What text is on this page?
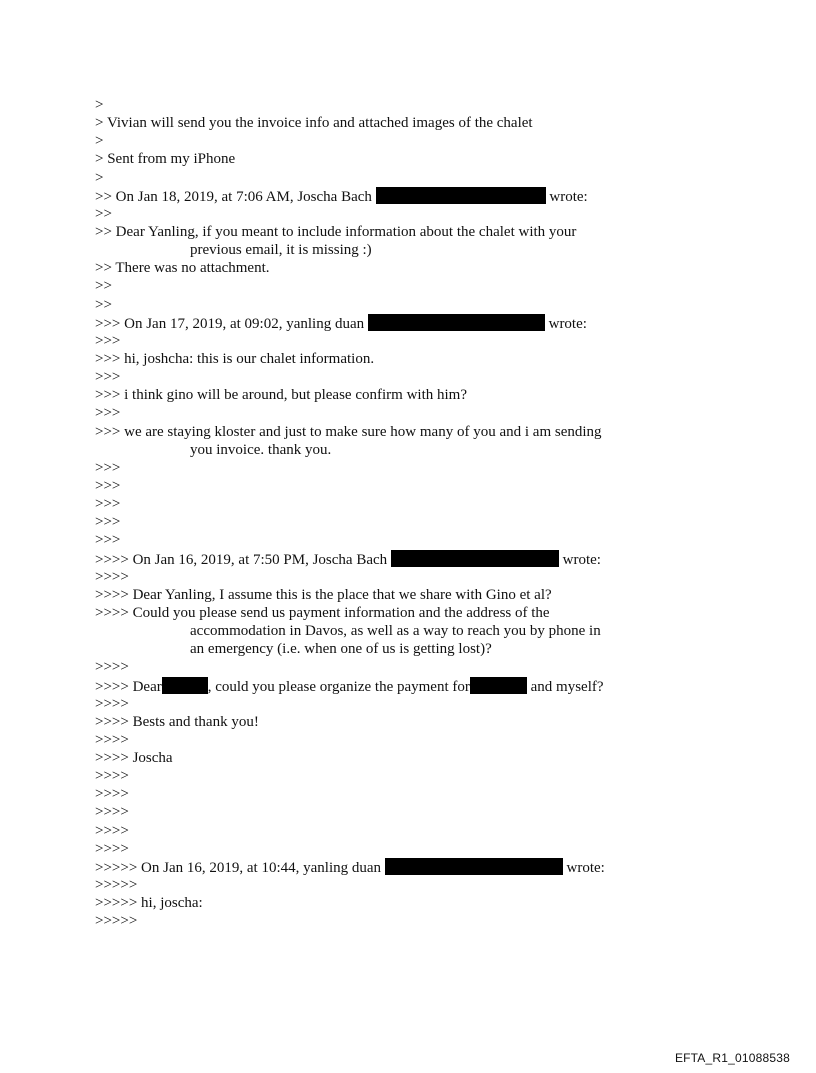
>
> Vivian will send you the invoice info and attached images of the chalet
>
> Sent from my iPhone
>
>> On Jan 18, 2019, at 7:06 AM, Joscha Bach	wrote:
>>
>> Dear Yanling, if you meant to include information about the chalet with your
previous email, it is missing :)
>> There was no attachment.
>>
>>
>>> On Jan 17, 2019, at 09:02, yanling duan	wrote:
>>>
>>> hi, joshcha: this is our chalet information.
>>>
>>> i think gino will be around, but please confirm with him?
>>>
>>> we are staying kloster and just to make sure how many of you and i am sending
you invoice. thank you.
>>>
>>>
>>>
>>>
>>>
>>>> On Jan 16, 2019, at 7:50 PM, Joscha Bach	wrote:
>>>>
>>>> Dear Yanling, I assume this is the place that we share with Gino et al?
>>>> Could you please send us payment information and the address of the
accommodation in Davos, as well as a way to reach you by phone in
an emergency (i.e. when one of us is getting lost)?
>>>>
>>>> Dear	, could you please organize the payment for	and myself?
>>>>
>>>> Bests and thank you!
>>>>
>>>> Joscha
>>>>
>>>>
>>>>
>>>>
>>>>
>>>>> On Jan 16, 2019, at 10:44, yanling duan	wrote:
>>>>>
>>>>> hi, joscha:
>>>>>
EFTA_R1_01088538
